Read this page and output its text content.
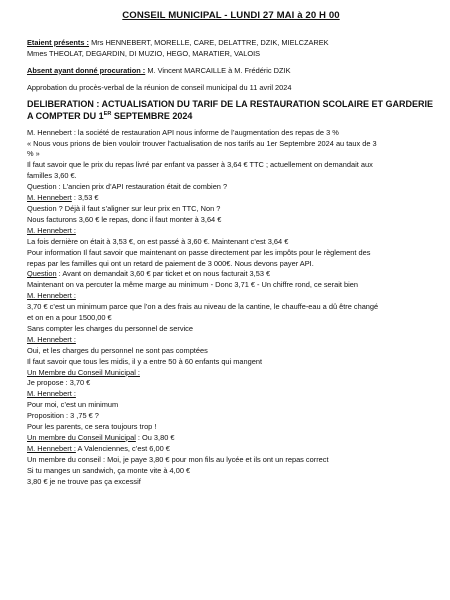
CONSEIL MUNICIPAL - LUNDI 27 MAI à 20 H 00

Etaient présents : Mrs HENNEBERT, MORELLE, CARE, DELATTRE, DZIK, MIELCZAREK

Mmes THEOLAT, DEGARDIN, DI MUZIO, HEGO, MARATIER, VALOIS

Absent ayant donné procuration : M. Vincent MARCAILLE à M. Frédéric DZIK

Approbation du procès-verbal de la réunion de conseil municipal du 11 avril 2024

DELIBERATION : ACTUALISATION DU TARIF DE LA RESTAURATION SCOLAIRE ET GARDERIE
A COMPTER DU 1ER SEPTEMBRE 2024

M. Hennebert : la société de restauration API nous informe de l’augmentation des repas de 3 %

« Nous vous prions de bien vouloir trouver l’actualisation de nos tarifs au 1er Septembre 2024 au taux de 3

% »

Il faut savoir que le prix du repas livré par enfant va passer à 3,64 € TTC ; actuellement on demandait aux

familles 3,60 €.

Question : L’ancien prix d’API restauration était de combien ?

M. Hennebert : 3,53 €

Question ? Déjà il faut s’aligner sur leur prix en TTC, Non ?

Nous facturons 3,60 € le repas, donc il faut monter à 3,64 €

M. Hennebert :

La fois dernière on était à 3,53 €, on est passé à 3,60 €. Maintenant c’est 3,64 €

Pour information Il faut savoir que maintenant on passe directement par les impôts pour le règlement des

repas par les familles qui ont un retard de paiement de 3 000€. Nous devons payer API.

Question : Avant on demandait 3,60 € par ticket et on nous facturait 3,53 €

Maintenant on va percuter la même marge au minimum - Donc 3,71 € - Un chiffre rond, ce serait bien

M. Hennebert :

3,70 € c’est un minimum parce que l’on a des frais au niveau de la cantine, le chauffe-eau a dû être changé

et on en a pour 1500,00 €

Sans compter les charges du personnel de service

M. Hennebert :

Oui, et les charges du personnel ne sont pas comptées

Il faut savoir que tous les midis, il y a entre 50 à 60 enfants qui mangent

Un Membre du Conseil Municipal :

Je propose : 3,70 €

M. Hennebert :

Pour moi, c’est un minimum

Proposition : 3 ,75 € ?

Pour les parents, ce sera toujours trop !

Un membre du Conseil Municipal : Ou 3,80 €

M. Hennebert : A Valenciennes, c’est 6,00 €

Un membre du conseil : Moi, je paye 3,80 € pour mon fils au lycée et ils ont un repas correct

Si tu manges un sandwich, ça monte vite à 4,00 €

3,80 € je ne trouve pas ça excessif
